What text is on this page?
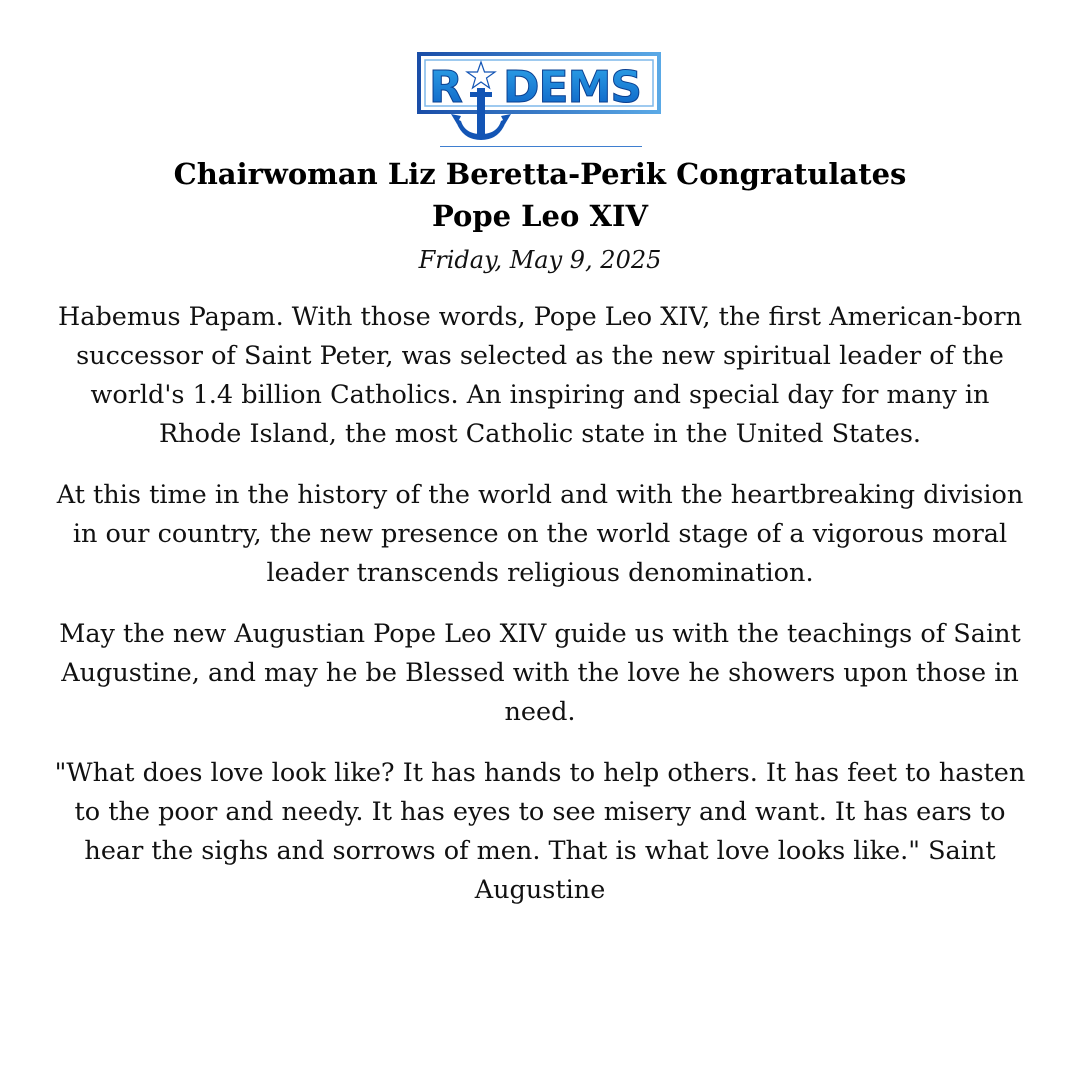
R DEMS
Chairwoman Liz Beretta-Perik Congratulates
Pope Leo XIV

Friday, May 9, 2025

Habemus Papam. With those words, Pope Leo XIV, the first American-born successor of Saint Peter, was selected as the new spiritual leader of the world's 1.4 billion Catholics. An inspiring and special day for many in Rhode Island, the most Catholic state in the United States.

At this time in the history of the world and with the heartbreaking division in our country, the new presence on the world stage of a vigorous moral leader transcends religious denomination.

May the new Augustian Pope Leo XIV guide us with the teachings of Saint Augustine, and may he be Blessed with the love he showers upon those in need.

"What does love look like? It has hands to help others. It has feet to hasten to the poor and needy. It has eyes to see misery and want. It has ears to hear the sighs and sorrows of men. That is what love looks like." Saint Augustine
